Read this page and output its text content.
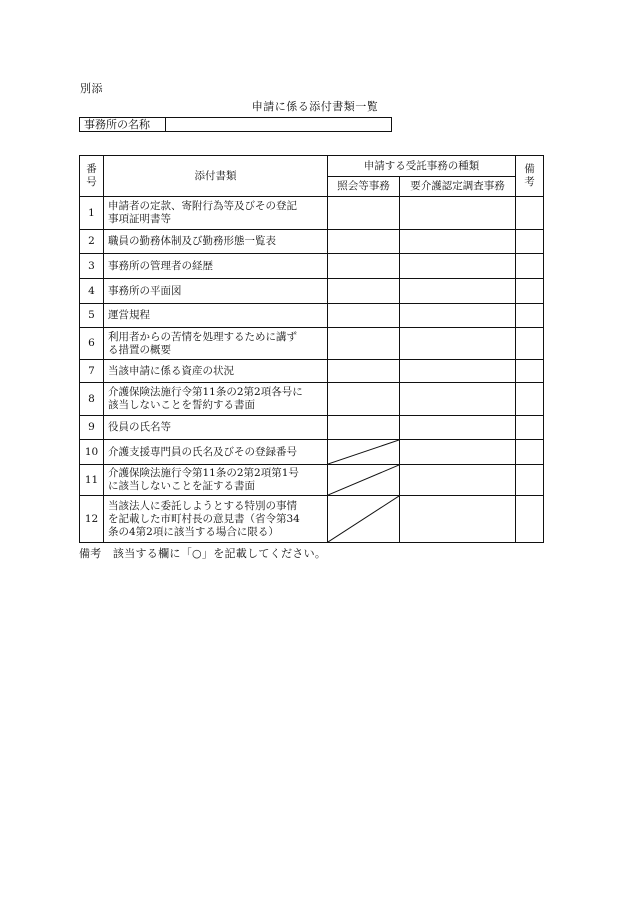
別添
申請に係る添付書類一覧
事務所の名称
番
号	添付書類	申請する受託事務の種類		備考
		照会等事務	要介護認定調査事務	
1	申請者の定款、寄附行為等及びその登記
事項証明書等			

2	職員の勤務体制及び勤務形態一覧表			

3	事務所の管理者の経歴			

4	事務所の平面図			

5	運営規程			

6	利用者からの苦情を処理するために講ず
る措置の概要			

7	当該申請に係る資産の状況			

8	介護保険法施行令第11条の2第2項各号に
該当しないことを誓約する書面			

9	役員の氏名等			

10	介護支援専門員の氏名及びその登録番号

11	介護保険法施行令第11条の2第2項第1号
に該当しないことを証する書面

12	当該法人に委託しようとする特別の事情
を記載した市町村長の意見書（省令第34
条の4第2項に該当する場合に限る）

備考　該当する欄に「○」を記載してください。
